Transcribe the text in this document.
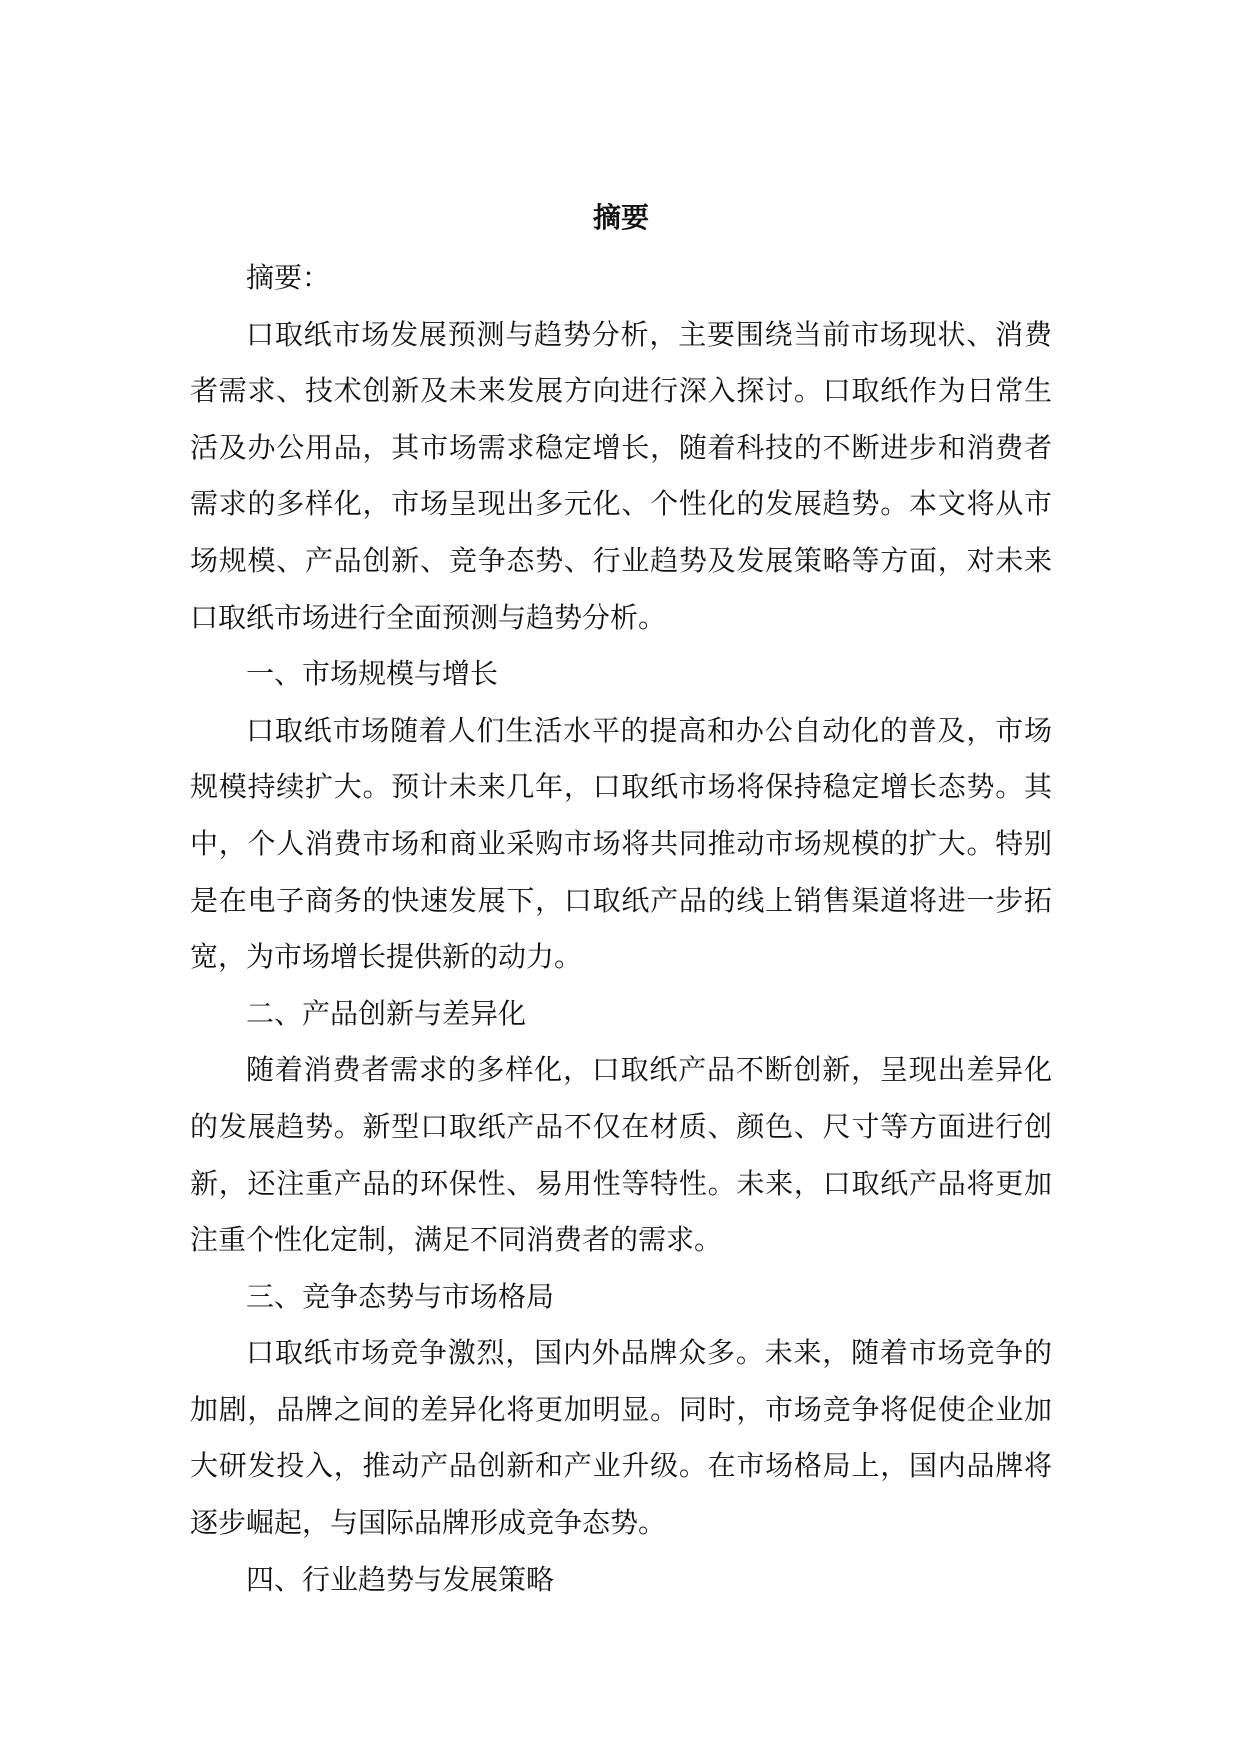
摘要

摘要：

口取纸市场发展预测与趋势分析，主要围绕当前市场现状、消费者需求、技术创新及未来发展方向进行深入探讨。口取纸作为日常生活及办公用品，其市场需求稳定增长，随着科技的不断进步和消费者需求的多样化，市场呈现出多元化、个性化的发展趋势。本文将从市场规模、产品创新、竞争态势、行业趋势及发展策略等方面，对未来口取纸市场进行全面预测与趋势分析。

一、市场规模与增长

口取纸市场随着人们生活水平的提高和办公自动化的普及，市场规模持续扩大。预计未来几年，口取纸市场将保持稳定增长态势。其中，个人消费市场和商业采购市场将共同推动市场规模的扩大。特别是在电子商务的快速发展下，口取纸产品的线上销售渠道将进一步拓宽，为市场增长提供新的动力。

二、产品创新与差异化

随着消费者需求的多样化，口取纸产品不断创新，呈现出差异化的发展趋势。新型口取纸产品不仅在材质、颜色、尺寸等方面进行创新，还注重产品的环保性、易用性等特性。未来，口取纸产品将更加注重个性化定制，满足不同消费者的需求。

三、竞争态势与市场格局

口取纸市场竞争激烈，国内外品牌众多。未来，随着市场竞争的加剧，品牌之间的差异化将更加明显。同时，市场竞争将促使企业加大研发投入，推动产品创新和产业升级。在市场格局上，国内品牌将逐步崛起，与国际品牌形成竞争态势。

四、行业趋势与发展策略
